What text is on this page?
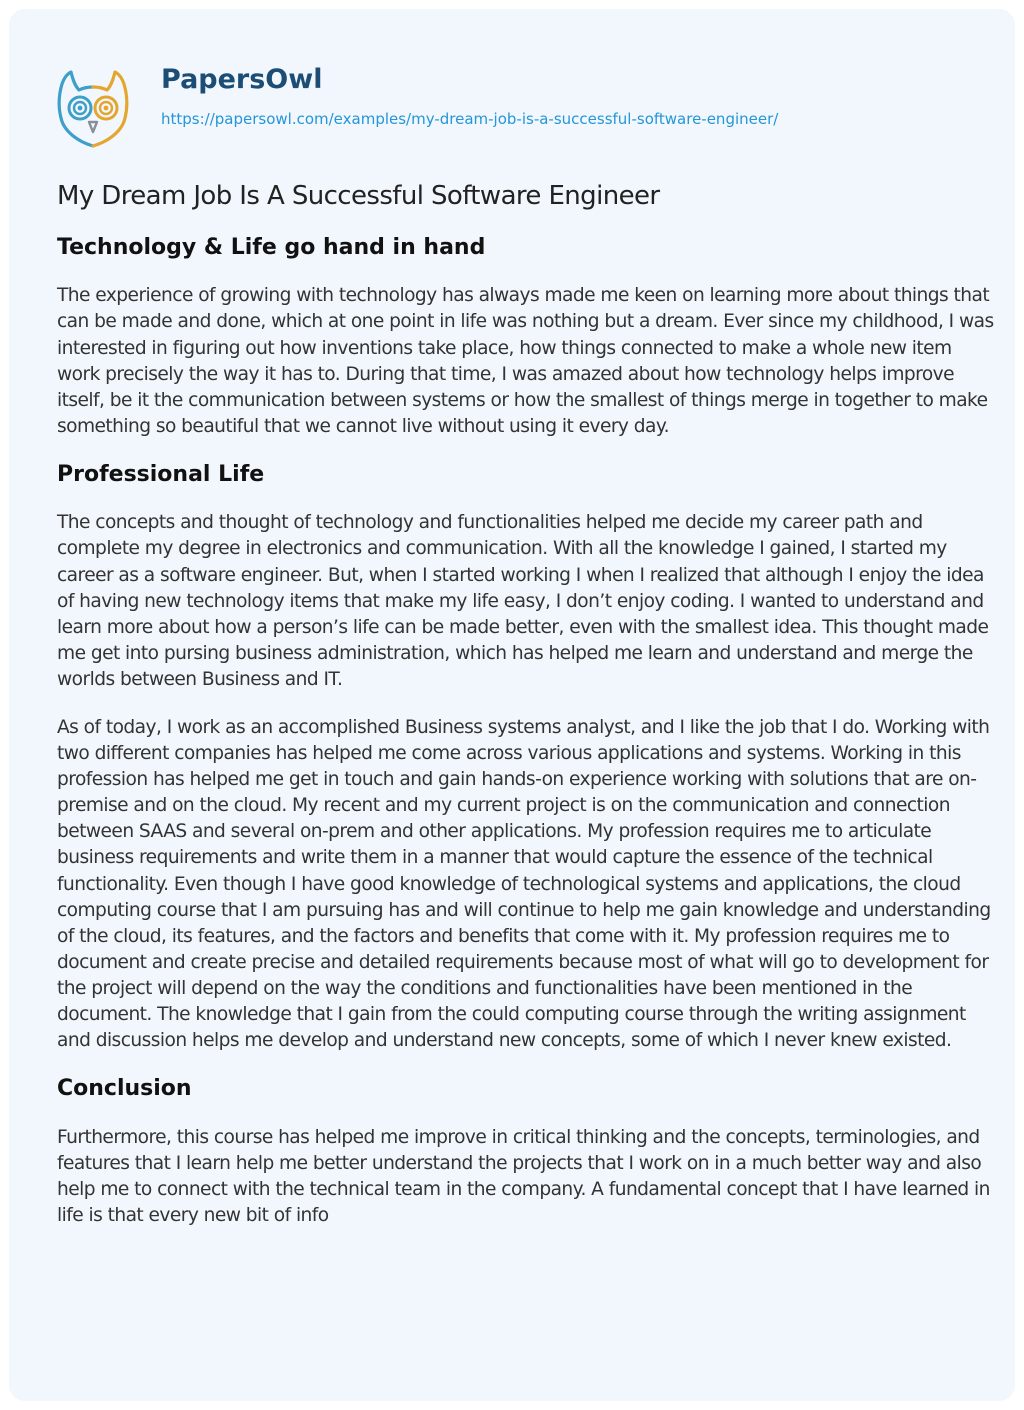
PapersOwl
https://papersowl.com/examples/my-dream-job-is-a-successful-software-engineer/
My Dream Job Is A Successful Software Engineer
Technology & Life go hand in hand

The experience of growing with technology has always made me keen on learning more about things that can be made and done, which at one point in life was nothing but a dream. Ever since my childhood, I was interested in figuring out how inventions take place, how things connected to make a whole new item work precisely the way it has to. During that time, I was amazed about how technology helps improve itself, be it the communication between systems or how the smallest of things merge in together to make something so beautiful that we cannot live without using it every day.

Professional Life

The concepts and thought of technology and functionalities helped me decide my career path and complete my degree in electronics and communication. With all the knowledge I gained, I started my career as a software engineer. But, when I started working I when I realized that although I enjoy the idea of having new technology items that make my life easy, I don’t enjoy coding. I wanted to understand and learn more about how a person’s life can be made better, even with the smallest idea. This thought made me get into pursing business administration, which has helped me learn and understand and merge the worlds between Business and IT.

As of today, I work as an accomplished Business systems analyst, and I like the job that I do. Working with two different companies has helped me come across various applications and systems. Working in this profession has helped me get in touch and gain hands-on experience working with solutions that are on-premise and on the cloud. My recent and my current project is on the communication and connection between SAAS and several on-prem and other applications. My profession requires me to articulate business requirements and write them in a manner that would capture the essence of the technical functionality. Even though I have good knowledge of technological systems and applications, the cloud computing course that I am pursuing has and will continue to help me gain knowledge and understanding of the cloud, its features, and the factors and benefits that come with it. My profession requires me to document and create precise and detailed requirements because most of what will go to development for the project will depend on the way the conditions and functionalities have been mentioned in the document. The knowledge that I gain from the could computing course through the writing assignment and discussion helps me develop and understand new concepts, some of which I never knew existed.

Conclusion

Furthermore, this course has helped me improve in critical thinking and the concepts, terminologies, and features that I learn help me better understand the projects that I work on in a much better way and also help me to connect with the technical team in the company. A fundamental concept that I have learned in life is that every new bit of info
